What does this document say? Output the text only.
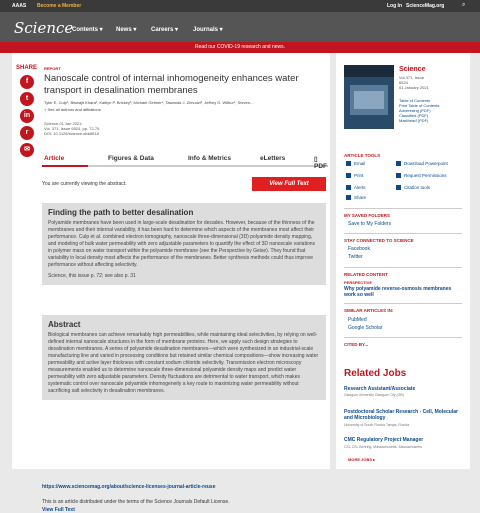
AAAS Become a Member	Log In ScienceMag.org	⌕
Science
Contents ▾ News ▾ Careers ▾ Journals ▾
Read our COVID-19 research and news.
SHARE
f
t
in
r
✉
REPORT
Nanoscale control of internal inhomogeneity enhances water transport in desalination membranes
Tyler E. Culp¹, Biswajit Khara², Kaitlyn P. Brickey³, Michael Geitner⁴, Tawanda J. Zimudzi³, Jeffrey D. Wilbur⁵, Steven...
+ See all authors and affiliations
Science 01 Jan 2021:
Vol. 371, Issue 6524, pp. 72-75
DOI: 10.1126/science.abb8518
Article	Figures & Data	Info & Metrics	eLetters	▯ PDF
You are currently viewing the abstract.	View Full Text
Finding the path to better desalination

Polyamide membranes have been used in large-scale desalination for decades. However, because of the thinness of the membranes and their internal variability, it has been hard to determine which aspects of the membranes most affect their performance. Culp et al. combined electron tomography, nanoscale three-dimensional (3D) polyamide density mapping, and modeling of bulk water permeability with zero adjustable parameters to quantify the effect of 3D nanoscale variations in polymer mass on water transport within the polyamide membrane (see the Perspective by Geise). They found that variability in local density most affects the performance of the membranes. Better synthesis methods could thus improve performance without affecting selectivity.

Science, this issue p. 72; see also p. 31

Abstract

Biological membranes can achieve remarkably high permeabilities, while maintaining ideal selectivities, by relying on well-defined internal nanoscale structures in the form of membrane proteins. Here, we apply such design strategies to desalination membranes. A series of polyamide desalination membranes—which were synthesized in an industrial-scale manufacturing line and varied in processing conditions but retained similar chemical compositions—show increasing water permeability and active layer thickness with constant sodium chloride selectivity. Transmission electron microscopy measurements enabled us to determine nanoscale three-dimensional polyamide density maps and predict water permeability with zero adjustable parameters. Density fluctuations are detrimental to water transport, which makes systematic control over nanoscale polyamide inhomogeneity a key route to maximizing water permeability without sacrificing salt selectivity in desalination membranes.

https://www.sciencemag.org/about/science-licenses-journal-article-reuse
This is an article distributed under the terms of the Science Journals Default License.
View Full Text
Science
Vol 371, Issue
6524
01 January 2021
Table of Contents
Print Table of Contents
Advertising (PDF)
Classified (PDF)
Masthead (PDF)
ARTICLE TOOLS
Email	Download Powerpoint
Print	Request Permissions
Alerts	Citation tools
Share
MY SAVED FOLDERS
Save to My Folders
STAY CONNECTED TO SCIENCE
Facebook
Twitter
RELATED CONTENT
PERSPECTIVE
Why polyamide reverse-osmosis membranes work so well
SIMILAR ARTICLES IN:
PubMed
Google Scholar
CITED BY...
Related Jobs
Research Assistant/Associate
Glasgow University Glasgow City (GB)
Postdoctoral Scholar Research - Cell, Molecular and Microbiology
University of South Florida Tampa, Florida
CMC Regulatory Project Manager
CSL CSL Behring, Massachusetts, Massachusetts
MORE JOBS ▸
